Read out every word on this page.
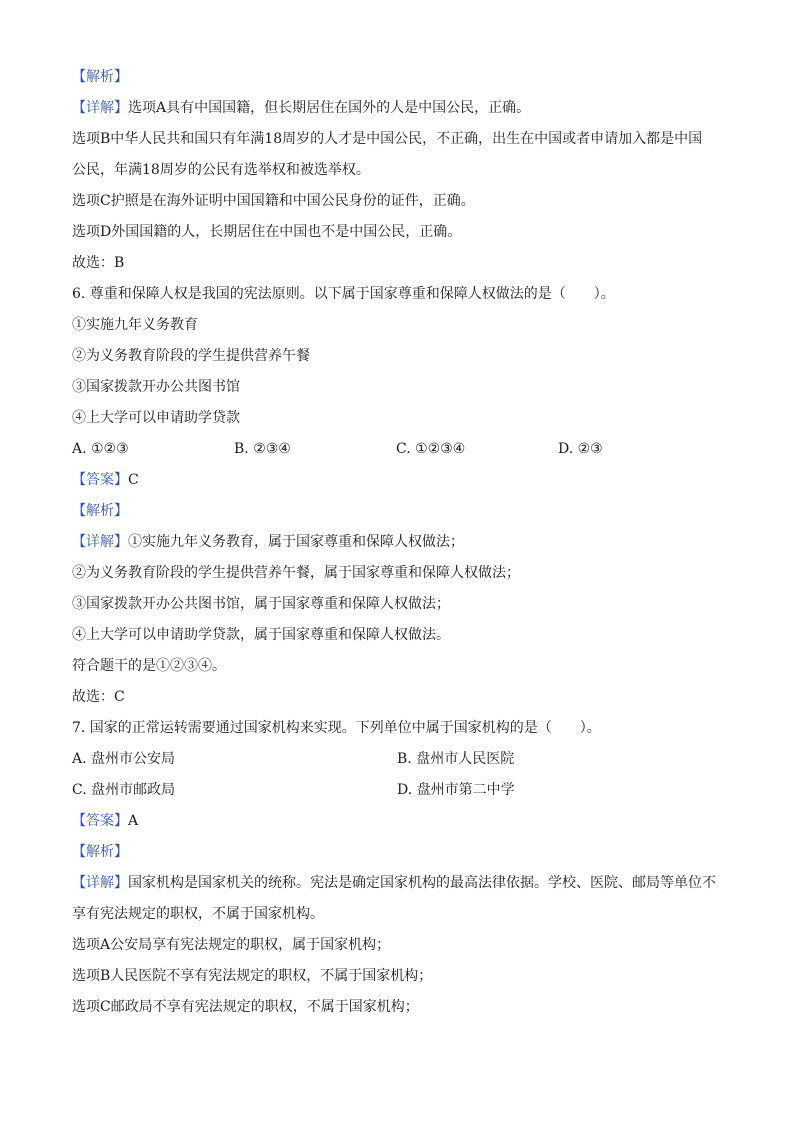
【解析】
【详解】选项A具有中国国籍，但长期居住在国外的人是中国公民，正确。
选项B中华人民共和国只有年满18周岁的人才是中国公民，不正确，出生在中国或者申请加入都是中国
公民，年满18周岁的公民有选举权和被选举权。
选项C护照是在海外证明中国国籍和中国公民身份的证件，正确。
选项D外国国籍的人，长期居住在中国也不是中国公民，正确。
故选：B
6. 尊重和保障人权是我国的宪法原则。以下属于国家尊重和保障人权做法的是（　　）。
①实施九年义务教育
②为义务教育阶段的学生提供营养午餐
③国家拨款开办公共图书馆
④上大学可以申请助学贷款
A. ①②③	B. ②③④	C. ①②③④	D. ②③
【答案】C
【解析】
【详解】①实施九年义务教育，属于国家尊重和保障人权做法；
②为义务教育阶段的学生提供营养午餐，属于国家尊重和保障人权做法；
③国家拨款开办公共图书馆，属于国家尊重和保障人权做法；
④上大学可以申请助学贷款，属于国家尊重和保障人权做法。
符合题干的是①②③④。
故选：C
7. 国家的正常运转需要通过国家机构来实现。下列单位中属于国家机构的是（　　）。
A. 盘州市公安局	B. 盘州市人民医院
C. 盘州市邮政局	D. 盘州市第二中学
【答案】A
【解析】
【详解】国家机构是国家机关的统称。宪法是确定国家机构的最高法律依据。学校、医院、邮局等单位不
享有宪法规定的职权，不属于国家机构。
选项A公安局享有宪法规定的职权，属于国家机构；
选项B人民医院不享有宪法规定的职权，不属于国家机构；
选项C邮政局不享有宪法规定的职权，不属于国家机构；
